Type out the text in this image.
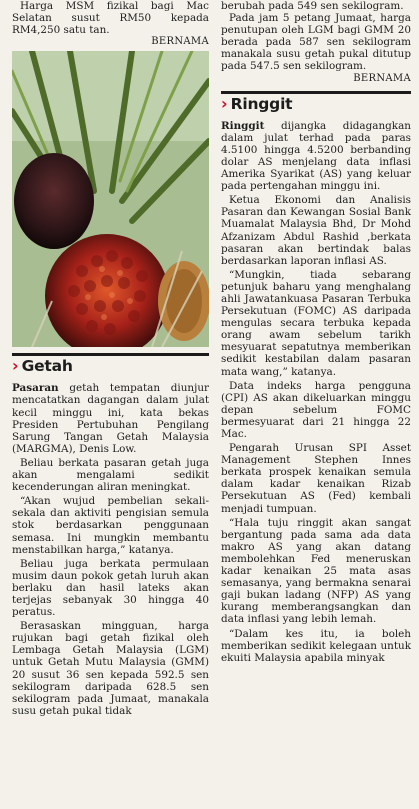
Harga MSM fizikal bagi Mac Selatan susut RM50 kepada RM4,250 satu tan.

BERNAMA

› Getah

Pasaran getah tempatan diunjur mencatatkan dagangan dalam julat kecil minggu ini, kata bekas Presiden Pertubuhan Pengilang Sarung Tangan Getah Malaysia (MARGMA), Denis Low.

Beliau berkata pasaran getah juga akan mengalami sedikit kecenderungan aliran meningkat.

“Akan wujud pembelian sekali-sekala dan aktiviti pengisian semula stok berdasarkan penggunaan semasa. Ini mungkin membantu menstabilkan harga,” katanya.

Beliau juga berkata permulaan musim daun pokok getah luruh akan berlaku dan hasil lateks akan terjejas sebanyak 30 hingga 40 peratus.

Berasaskan mingguan, harga rujukan bagi getah fizikal oleh Lembaga Getah Malaysia (LGM) untuk Getah Mutu Malaysia (GMM) 20 susut 36 sen kepada 592.5 sen sekilogram daripada 628.5 sen sekilogram pada Jumaat, manakala susu getah pukal tidak

berubah pada 549 sen sekilogram.

Pada jam 5 petang Jumaat, harga penutupan oleh LGM bagi GMM 20 berada pada 587 sen sekilogram manakala susu getah pukal ditutup pada 547.5 sen sekilogram.

BERNAMA

› Ringgit

Ringgit dijangka didagangkan dalam julat terhad pada paras 4.5100 hingga 4.5200 berbanding dolar AS menjelang data inflasi Amerika Syarikat (AS) yang keluar pada pertengahan minggu ini.

Ketua Ekonomi dan Analisis Pasaran dan Kewangan Sosial Bank Muamalat Malaysia Bhd, Dr Mohd Afzanizam Abdul Rashid ,berkata pasaran akan bertindak balas berdasarkan laporan inflasi AS.

“Mungkin, tiada sebarang petunjuk baharu yang menghalang ahli Jawatankuasa Pasaran Terbuka Persekutuan (FOMC) AS daripada mengulas secara terbuka kepada orang awam sebelum tarikh mesyuarat sepatutnya memberikan sedikit kestabilan dalam pasaran mata wang,” katanya.

Data indeks harga pengguna (CPI) AS akan dikeluarkan minggu depan sebelum FOMC bermesyuarat dari 21 hingga 22 Mac.

Pengarah Urusan SPI Asset Management Stephen Innes berkata prospek kenaikan semula dalam kadar kenaikan Rizab Persekutuan AS (Fed) kembali menjadi tumpuan.

“Hala tuju ringgit akan sangat bergantung pada sama ada data makro AS yang akan datang membolehkan Fed meneruskan kadar kenaikan 25 mata asas semasanya, yang bermakna senarai gaji bukan ladang (NFP) AS yang kurang memberangsangkan dan data inflasi yang lebih lemah.

“Dalam kes itu, ia boleh memberikan sedikit kelegaan untuk ekuiti Malaysia apabila minyak
